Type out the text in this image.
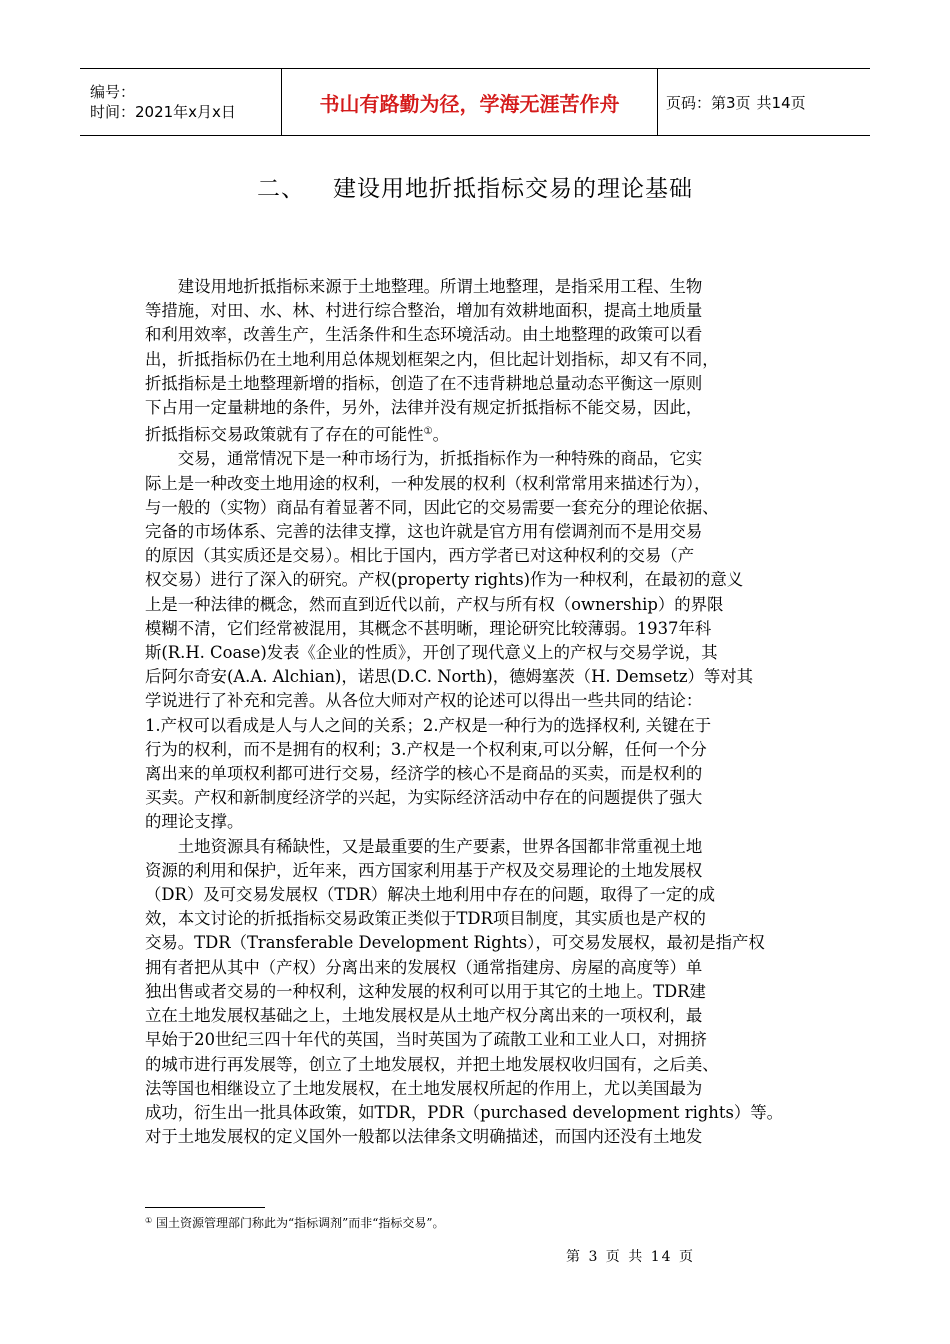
编号：
时间：2021年x月x日	书山有路勤为径，学海无涯苦作舟	页码：第3页 共14页
二、 建设用地折抵指标交易的理论基础

建设用地折抵指标来源于土地整理。所谓土地整理，是指采用工程、生物
等措施，对田、水、林、村进行综合整治，增加有效耕地面积，提高土地质量
和利用效率，改善生产，生活条件和生态环境活动。由土地整理的政策可以看
出，折抵指标仍在土地利用总体规划框架之内，但比起计划指标，却又有不同，
折抵指标是土地整理新增的指标，创造了在不违背耕地总量动态平衡这一原则
下占用一定量耕地的条件，另外，法律并没有规定折抵指标不能交易，因此，
折抵指标交易政策就有了存在的可能性①。

交易，通常情况下是一种市场行为，折抵指标作为一种特殊的商品，它实
际上是一种改变土地用途的权利，一种发展的权利（权利常常用来描述行为），
与一般的（实物）商品有着显著不同，因此它的交易需要一套充分的理论依据、
完备的市场体系、完善的法律支撑，这也许就是官方用有偿调剂而不是用交易
的原因（其实质还是交易）。相比于国内，西方学者已对这种权利的交易（产
权交易）进行了深入的研究。产权(property rights)作为一种权利，在最初的意义
上是一种法律的概念，然而直到近代以前，产权与所有权（ownership）的界限
模糊不清，它们经常被混用，其概念不甚明晰，理论研究比较薄弱。1937年科
斯(R.H. Coase)发表《企业的性质》，开创了现代意义上的产权与交易学说，其
后阿尔奇安(A.A. Alchian)，诺思(D.C. North)，德姆塞茨（H. Demsetz）等对其
学说进行了补充和完善。从各位大师对产权的论述可以得出一些共同的结论：
1.产权可以看成是人与人之间的关系；2.产权是一种行为的选择权利, 关键在于
行为的权利，而不是拥有的权利；3.产权是一个权利束,可以分解，任何一个分
离出来的单项权利都可进行交易，经济学的核心不是商品的买卖，而是权利的
买卖。产权和新制度经济学的兴起，为实际经济活动中存在的问题提供了强大
的理论支撑。

土地资源具有稀缺性，又是最重要的生产要素，世界各国都非常重视土地
资源的利用和保护，近年来，西方国家利用基于产权及交易理论的土地发展权
（DR）及可交易发展权（TDR）解决土地利用中存在的问题，取得了一定的成
效，本文讨论的折抵指标交易政策正类似于TDR项目制度，其实质也是产权的
交易。TDR（Transferable Development Rights），可交易发展权，最初是指产权
拥有者把从其中（产权）分离出来的发展权（通常指建房、房屋的高度等）单
独出售或者交易的一种权利，这种发展的权利可以用于其它的土地上。TDR建
立在土地发展权基础之上，土地发展权是从土地产权分离出来的一项权利，最
早始于20世纪三四十年代的英国，当时英国为了疏散工业和工业人口，对拥挤
的城市进行再发展等，创立了土地发展权，并把土地发展权收归国有，之后美、
法等国也相继设立了土地发展权，在土地发展权所起的作用上，尤以美国最为
成功，衍生出一批具体政策，如TDR，PDR（purchased development rights）等。
对于土地发展权的定义国外一般都以法律条文明确描述，而国内还没有土地发

① 国土资源管理部门称此为“指标调剂”而非“指标交易”。
第 3 页 共 14 页
